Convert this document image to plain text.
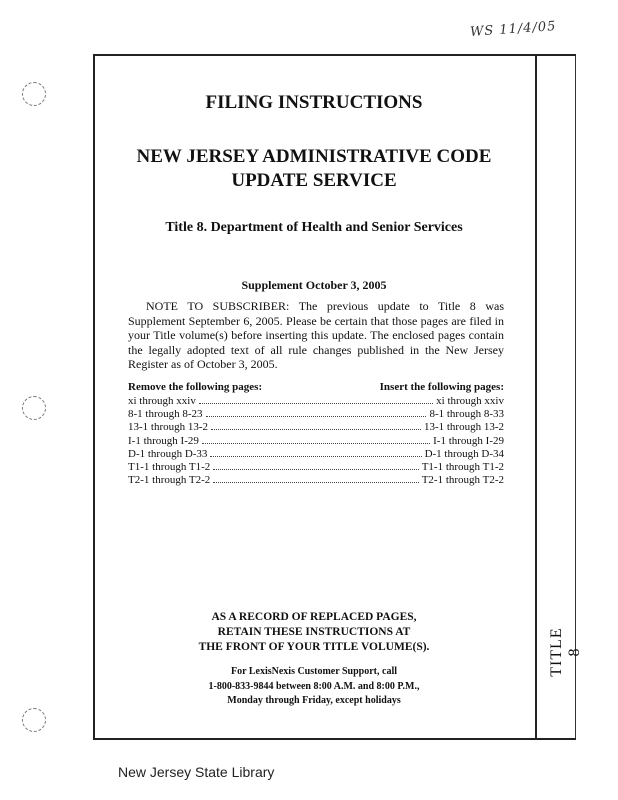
WS 11/4/05
TITLE 8
FILING INSTRUCTIONS
NEW JERSEY ADMINISTRATIVE CODE
UPDATE SERVICE
Title 8. Department of Health and Senior Services
Supplement October 3, 2005
NOTE TO SUBSCRIBER: The previous update to Title 8 was Supplement September 6, 2005. Please be certain that those pages are filed in your Title volume(s) before inserting this update. The enclosed pages contain the legally adopted text of all rule changes published in the New Jersey Register as of October 3, 2005.
Remove the following pages:	Insert the following pages:
xi through xxiv	xi through xxiv
8-1 through 8-23	8-1 through 8-33
13-1 through 13-2	13-1 through 13-2
I-1 through I-29	I-1 through I-29
D-1 through D-33	D-1 through D-34
T1-1 through T1-2	T1-1 through T1-2
T2-1 through T2-2	T2-1 through T2-2
AS A RECORD OF REPLACED PAGES,
RETAIN THESE INSTRUCTIONS AT
THE FRONT OF YOUR TITLE VOLUME(S).
For LexisNexis Customer Support, call
1-800-833-9844 between 8:00 A.M. and 8:00 P.M.,
Monday through Friday, except holidays
New Jersey State Library
